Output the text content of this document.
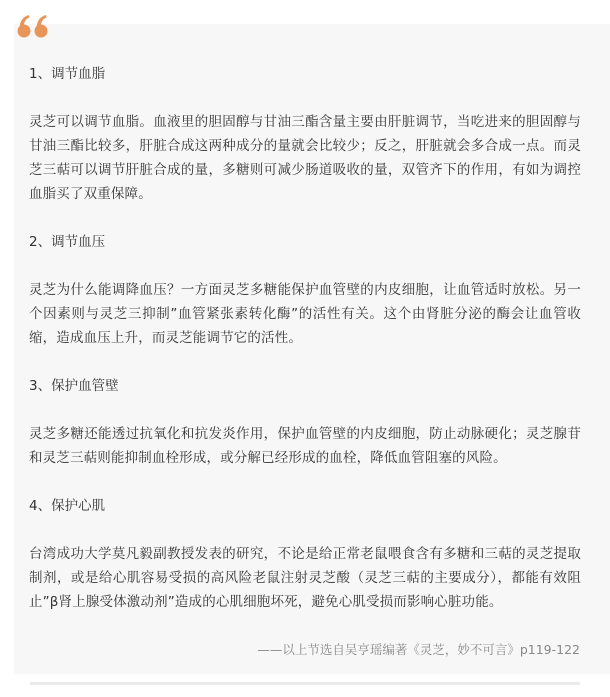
1、调节血脂
灵芝可以调节血脂。血液里的胆固醇与甘油三酯含量主要由肝脏调节，当吃进来的胆固醇与甘油三酯比较多，肝脏合成这两种成分的量就会比较少；反之，肝脏就会多合成一点。而灵芝三萜可以调节肝脏合成的量，多糖则可减少肠道吸收的量，双管齐下的作用，有如为调控血脂买了双重保障。
2、调节血压
灵芝为什么能调降血压？一方面灵芝多糖能保护血管壁的内皮细胞，让血管适时放松。另一个因素则与灵芝三抑制”血管紧张素转化酶”的活性有关。这个由肾脏分泌的酶会让血管收缩，造成血压上升，而灵芝能调节它的活性。
3、保护血管壁
灵芝多糖还能透过抗氧化和抗发炎作用，保护血管壁的内皮细胞，防止动脉硬化；灵芝腺苷和灵芝三萜则能抑制血栓形成，或分解已经形成的血栓，降低血管阻塞的风险。
4、保护心肌
台湾成功大学莫凡毅副教授发表的研究，不论是给正常老鼠喂食含有多糖和三萜的灵芝提取制剂，或是给心肌容易受损的高风险老鼠注射灵芝酸（灵芝三萜的主要成分），都能有效阻止”β肾上腺受体激动剂”造成的心肌细胞坏死，避免心肌受损而影响心脏功能。
——以上节选自吴亨瑶编著《灵芝，妙不可言》p119-122
